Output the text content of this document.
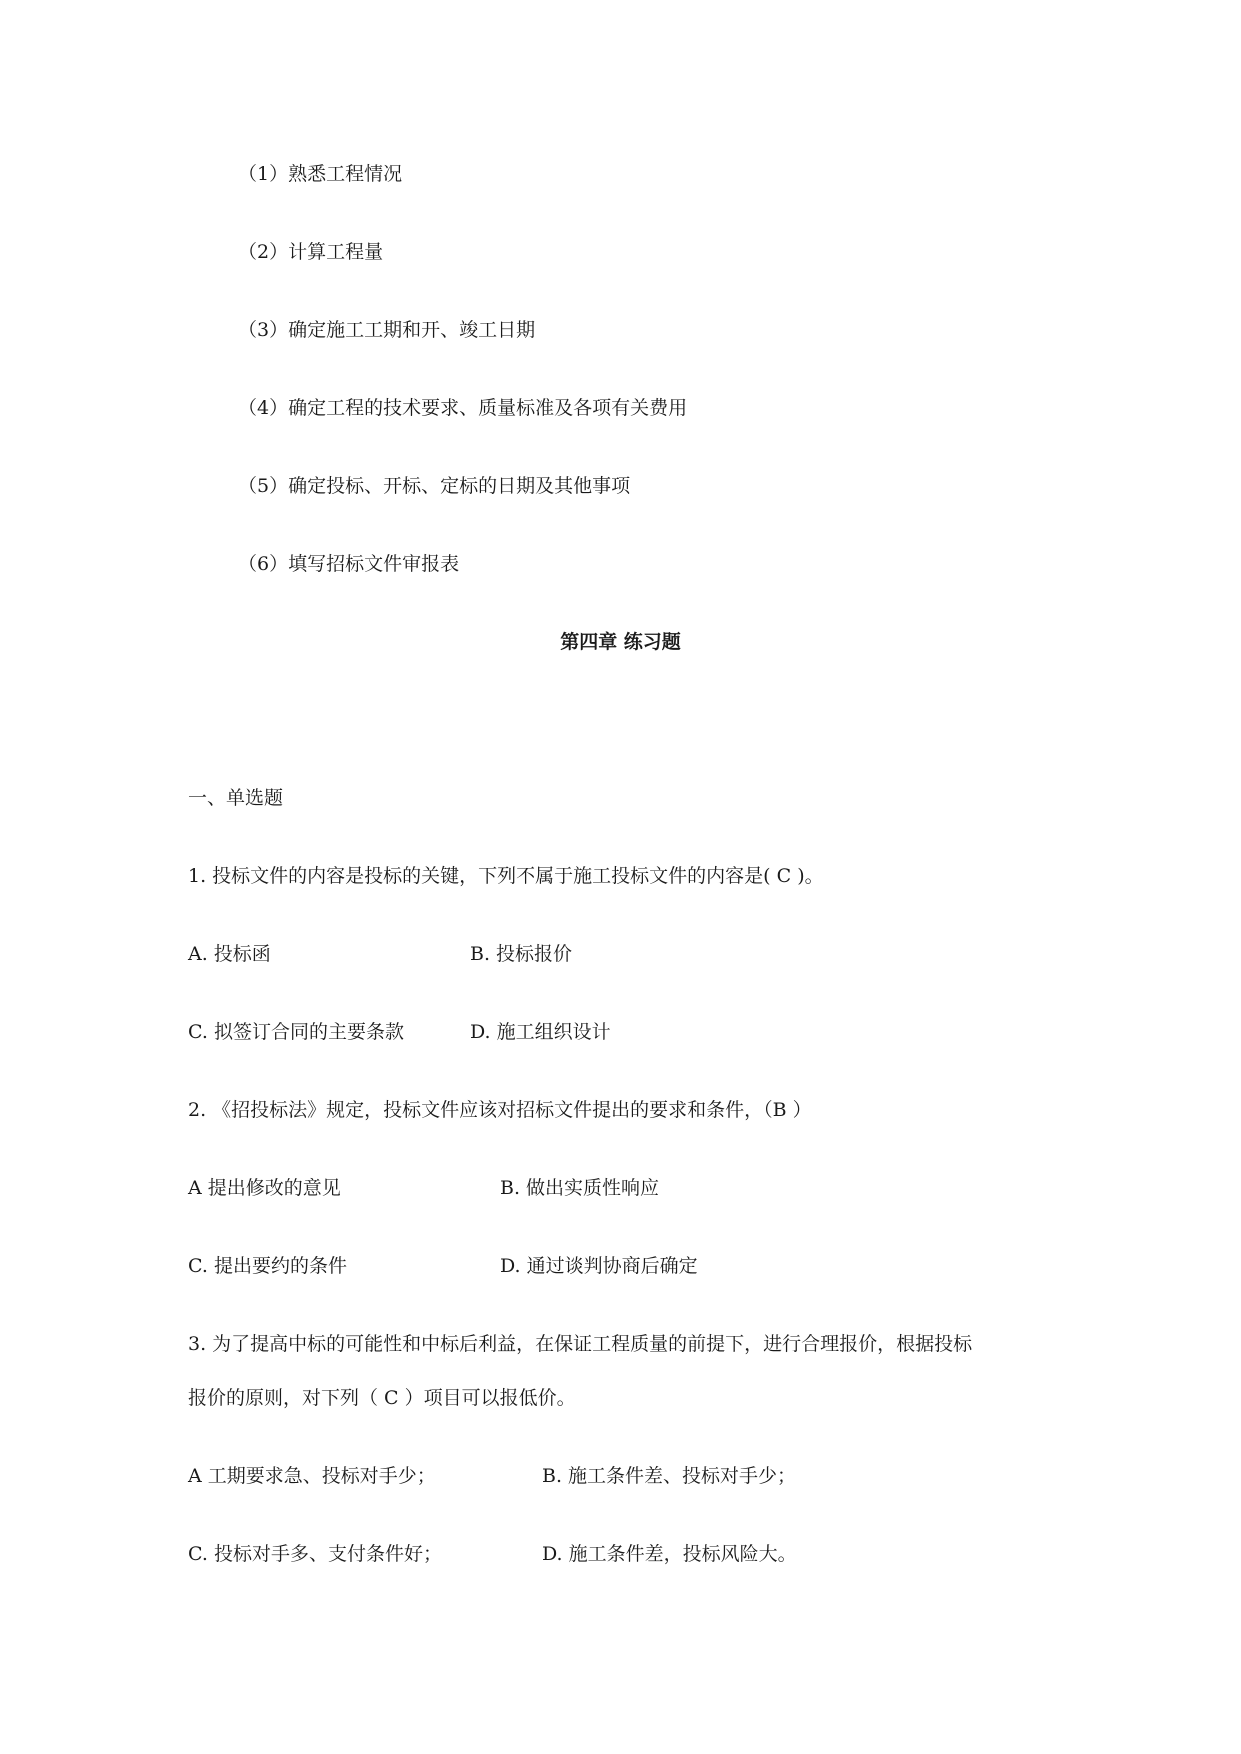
（1）熟悉工程情况
（2）计算工程量
（3）确定施工工期和开、竣工日期
（4）确定工程的技术要求、质量标准及各项有关费用
（5）确定投标、开标、定标的日期及其他事项
（6）填写招标文件审报表
第四章 练习题
一、单选题
1. 投标文件的内容是投标的关键，下列不属于施工投标文件的内容是( C )。
A. 投标函	B. 投标报价
C. 拟签订合同的主要条款	D. 施工组织设计
2. 《招投标法》规定，投标文件应该对招标文件提出的要求和条件，（B ）
A 提出修改的意见	B. 做出实质性响应
C. 提出要约的条件	D. 通过谈判协商后确定
3. 为了提高中标的可能性和中标后利益，在保证工程质量的前提下，进行合理报价，根据投标
报价的原则，对下列（ C ）项目可以报低价。
A 工期要求急、投标对手少；	B. 施工条件差、投标对手少；
C. 投标对手多、支付条件好；	D. 施工条件差，投标风险大。
